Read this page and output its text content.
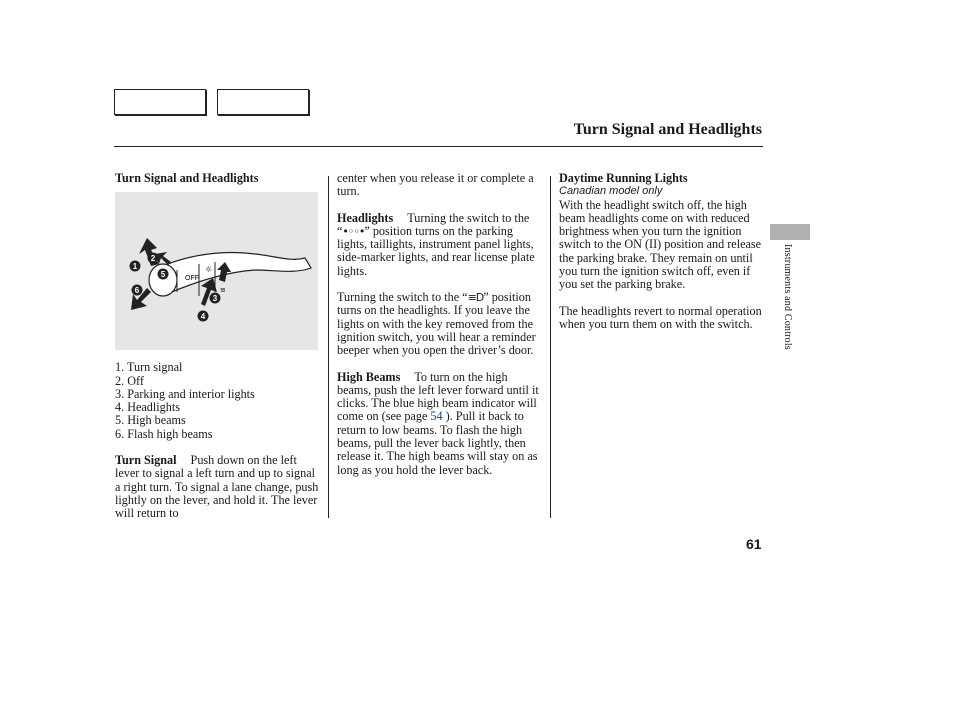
Turn Signal and Headlights
Turn Signal and Headlights
OFF
1
2
3
4
5
6
☼
≡
1. Turn signal
2. Off
3. Parking and interior lights
4. Headlights
5. High beams
6. Flash high beams

Turn Signal Push down on the left lever to signal a left turn and up to signal a right turn. To signal a lane change, push lightly on the lever, and hold it. The lever will return to

center when you release it or complete a turn.

Headlights Turning the switch to the “•◦◦•” position turns on the parking lights, taillights, instrument panel lights, side-marker lights, and rear license plate lights.

Turning the switch to the “≡D” position turns on the headlights. If you leave the lights on with the key removed from the ignition switch, you will hear a reminder beeper when you open the driver’s door.

High Beams To turn on the high beams, push the left lever forward until it clicks. The blue high beam indicator will come on (see page 54 ). Pull it back to return to low beams. To flash the high beams, pull the lever back lightly, then release it. The high beams will stay on as long as you hold the lever back.

Daytime Running Lights
Canadian model only

With the headlight switch off, the high beam headlights come on with reduced brightness when you turn the ignition switch to the ON (II) position and release the parking brake. They remain on until you turn the ignition switch off, even if you set the parking brake.

The headlights revert to normal operation when you turn them on with the switch.	Instruments and Controls
61
